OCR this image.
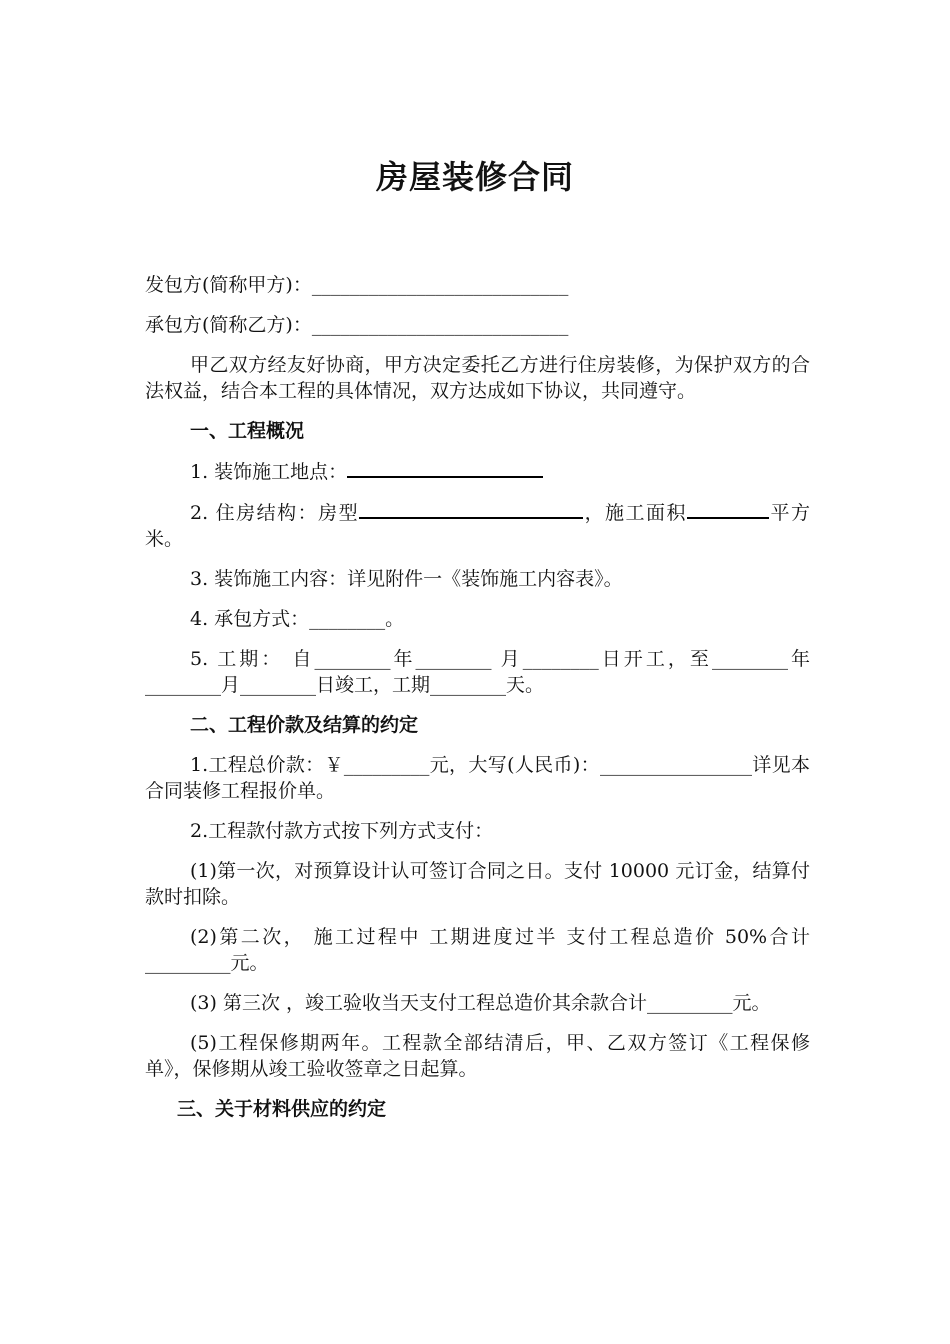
房屋装修合同

发包方(简称甲方)：___________________________

承包方(简称乙方)：___________________________

甲乙双方经友好协商，甲方决定委托乙方进行住房装修，为保护双方的合法权益，结合本工程的具体情况，双方达成如下协议，共同遵守。

一、工程概况

1. 装饰施工地点：

2. 住房结构：房型	，施工面积	平方米。

3. 装饰施工内容：详见附件一《装饰施工内容表》。

4. 承包方式：________。

5. 工期： 自________年________ 月________日开工，至________年________月________日竣工，工期________天。

二、工程价款及结算的约定

1.工程总价款：￥_________元，大写(人民币)：________________详见本合同装修工程报价单。

2.工程款付款方式按下列方式支付：

(1)第一次，对预算设计认可签订合同之日。支付 10000 元订金，结算付款时扣除。

(2)第二次， 施工过程中 工期进度过半 支付工程总造价 50%合计_________元。

(3) 第三次 ，竣工验收当天支付工程总造价其余款合计_________元。

(5)工程保修期两年。工程款全部结清后，甲、乙双方签订《工程保修单》，保修期从竣工验收签章之日起算。

三、关于材料供应的约定
